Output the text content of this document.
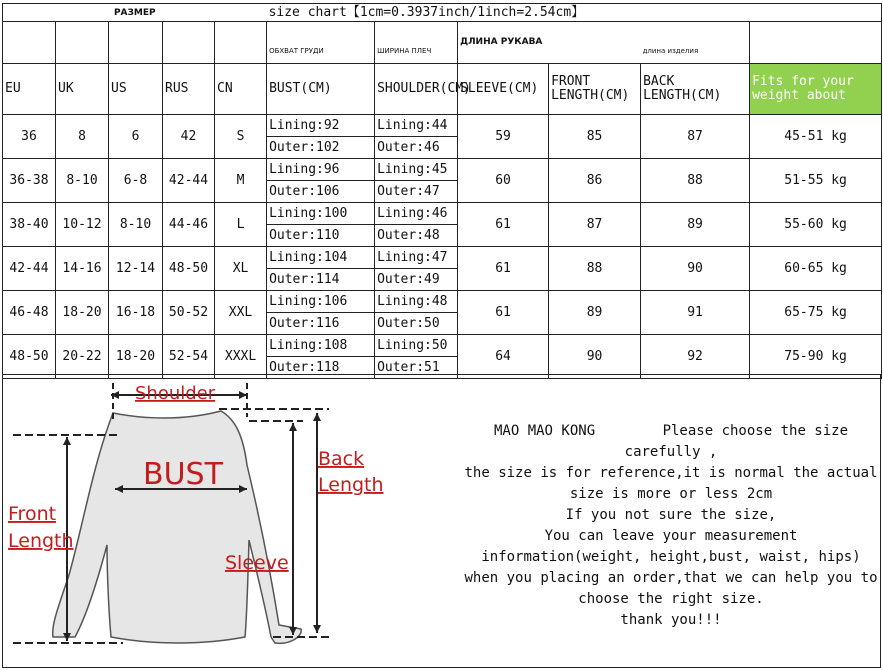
РАЗМЕР					size chart【1cm=0.3937inch/1inch=2.54cm】					
					ОБХВАТ ГРУДИ	ШИРИНА ПЛЕЧ	ДЛИНА РУКАВА		длина изделия	
EU	UK	US	RUS	CN	BUST(CM)	SHOULDER(CM)	SLEEVE(CM)	FRONT LENGTH(CM)	BACK LENGTH(CM)	Fits for your weight about
36	8	6	42	S	Lining:92	Lining:44	59	85	87	45-51 kg
					Outer:102	Outer:46				
36-38	8-10	6-8	42-44	M	Lining:96	Lining:45	60	86	88	51-55 kg
					Outer:106	Outer:47				
38-40	10-12	8-10	44-46	L	Lining:100	Lining:46	61	87	89	55-60 kg
					Outer:110	Outer:48				
42-44	14-16	12-14	48-50	XL	Lining:104	Lining:47	61	88	90	60-65 kg
					Outer:114	Outer:49				
46-48	18-20	16-18	50-52	XXL	Lining:106	Lining:48	61	89	91	65-75 kg
					Outer:116	Outer:50				
48-50	20-22	18-20	52-54	XXXL	Lining:108	Lining:50	64	90	92	75-90 kg
					Outer:118	Outer:51				
Shoulder
BUST	Back
Length
Front
Length
Sleeve
MAO MAO KONG	Please choose the size carefully ,
the size is for reference,it is normal the actual size is more or less 2cm
If you not sure the size,
You can leave your measurement information(weight, height,bust, waist, hips)
when you placing an order,that we can help you to choose the right size.
thank you!!!
